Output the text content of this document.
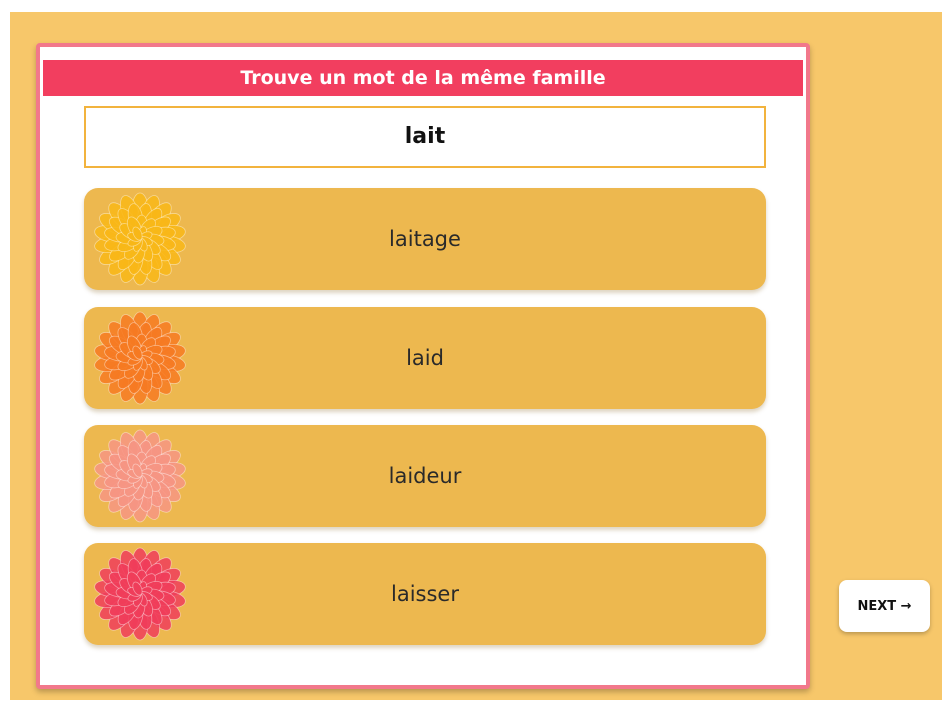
Trouve un mot de la même famille
lait
laitage
laid
laideur
laisser	NEXT →
